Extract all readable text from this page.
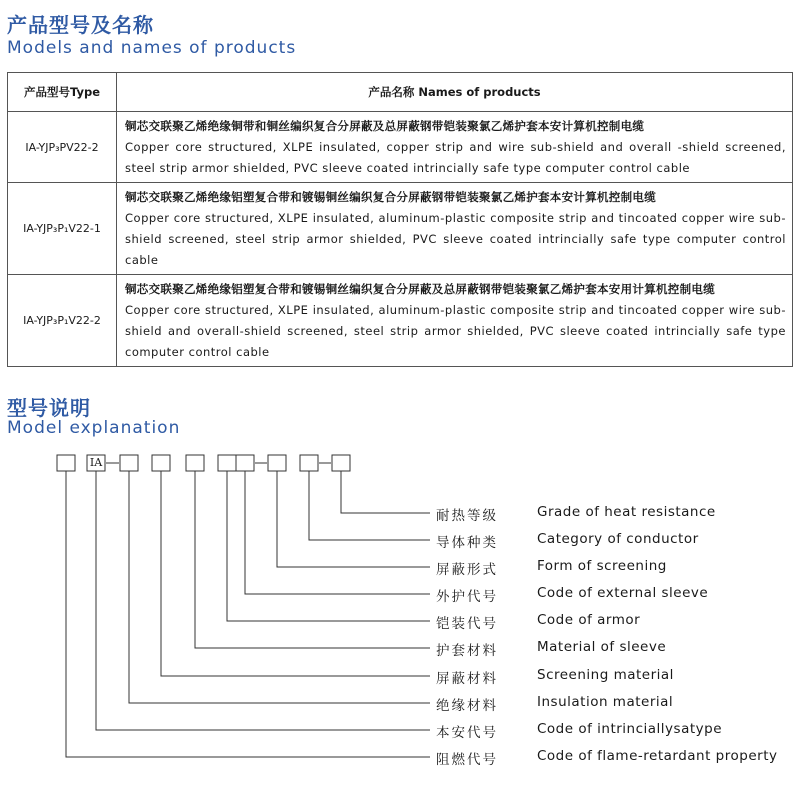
产品型号及名称
Models and names of products
产品型号Type	产品名称 Names of products
IA-YJP₃PV22-2	铜芯交联聚乙烯绝缘铜带和铜丝编织复合分屏蔽及总屏蔽钢带铠装聚氯乙烯护套本安计算机控制电缆
Copper core structured, XLPE insulated, copper strip and wire sub-shield and overall -shield screened, steel strip armor shielded, PVC sleeve coated intrincially safe type computer control cable

IA-YJP₃P₁V22-1	铜芯交联聚乙烯绝缘铝塑复合带和镀锡铜丝编织复合分屏蔽钢带铠装聚氯乙烯护套本安计算机控制电缆
Copper core structured, XLPE insulated, aluminum-plastic composite strip and tincoated copper wire sub-shield screened, steel strip armor shielded, PVC sleeve coated intrincially safe type computer control cable

IA-YJP₃P₁V22-2	铜芯交联聚乙烯绝缘铝塑复合带和镀锡铜丝编织复合分屏蔽及总屏蔽钢带铠装聚氯乙烯护套本安用计算机控制电缆
Copper core structured, XLPE insulated, aluminum-plastic composite strip and tincoated copper wire sub-shield and overall-shield screened, steel strip armor shielded, PVC sleeve coated intrincially safe type computer control cable
型号说明
Model explanation
IA
耐热等级	Grade of heat resistance
导体种类	Category of conductor
屏蔽形式	Form of screening
外护代号	Code of external sleeve
铠装代号	Code of armor
护套材料	Material of sleeve
屏蔽材料	Screening material
绝缘材料	Insulation material
本安代号	Code of intrinciallysatype
阻燃代号	Code of flame-retardant property
